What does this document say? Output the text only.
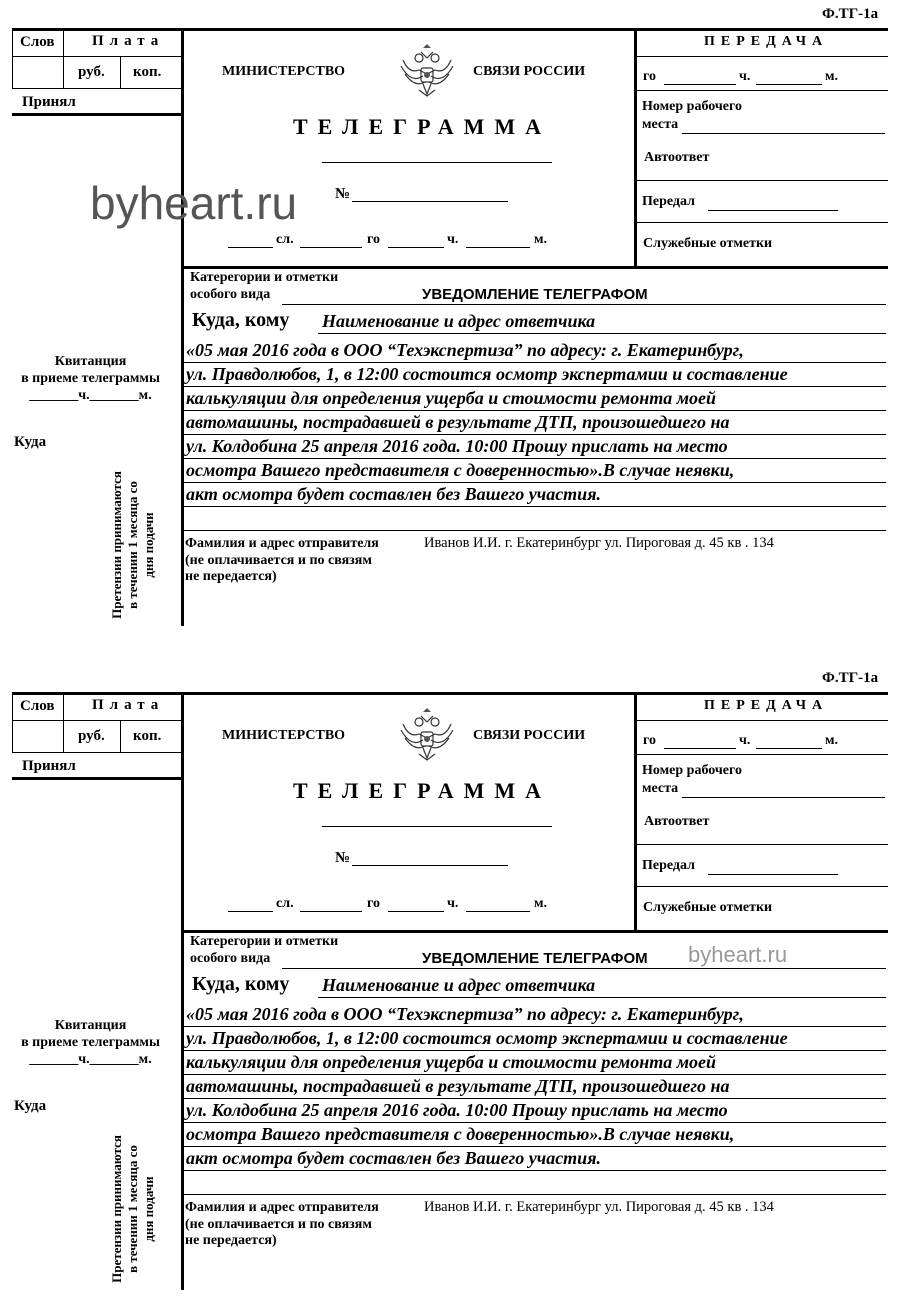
Ф.ТГ-1а
Слов	Плата
руб. коп.
Принял
Квитанция
в приеме телеграммы
_______ч._______м.
Куда
Претензии принимаются в течении 1 месяца со дня подачи
МИНИСТЕРСТВО	СВЯЗИ РОССИИ
ТЕЛЕГРАММА
№
сл.	го	ч.	м.
ПЕРЕДАЧА
го	ч.	м.
Номер рабочего
места
Автоответ
Передал
Служебные отметки
Катерегории и отметки
особого вида	УВЕДОМЛЕНИЕ ТЕЛЕГРАФОМ
Куда, кому Наименование и адрес ответчика
«05 мая 2016 года в ООО “Техэкспертиза” по адресу: г. Екатеринбург,
ул. Правдолюбов, 1, в 12:00 состоится осмотр экспертамии и составление
калькуляции для определения ущерба и стоимости ремонта моей
автомашины, пострадавшей в результате ДТП, произошедшего на
ул. Колдобина 25 апреля 2016 года. 10:00 Прошу прислать на место
осмотра Вашего представителя с доверенностью».В случае неявки,
акт осмотра будет составлен без Вашего участия.
Фамилия и адрес отправителя
(не оплачивается и по связям
не передается)
Иванов И.И. г. Екатеринбург ул. Пироговая д. 45 кв . 134
Ф.ТГ-1а
Слов	Плата
руб. коп.
Принял
Квитанция
в приеме телеграммы
_______ч._______м.
Куда
Претензии принимаются в течении 1 месяца со дня подачи
МИНИСТЕРСТВО	СВЯЗИ РОССИИ
ТЕЛЕГРАММА
№
сл.	го	ч.	м.
ПЕРЕДАЧА
го	ч.	м.
Номер рабочего
места
Автоответ
Передал
Служебные отметки
Катерегории и отметки
особого вида	УВЕДОМЛЕНИЕ ТЕЛЕГРАФОМ
Куда, кому Наименование и адрес ответчика
«05 мая 2016 года в ООО “Техэкспертиза” по адресу: г. Екатеринбург,
ул. Правдолюбов, 1, в 12:00 состоится осмотр экспертамии и составление
калькуляции для определения ущерба и стоимости ремонта моей
автомашины, пострадавшей в результате ДТП, произошедшего на
ул. Колдобина 25 апреля 2016 года. 10:00 Прошу прислать на место
осмотра Вашего представителя с доверенностью».В случае неявки,
акт осмотра будет составлен без Вашего участия.
Фамилия и адрес отправителя
(не оплачивается и по связям
не передается)
Иванов И.И. г. Екатеринбург ул. Пироговая д. 45 кв . 134
byheart.ru
byheart.ru
